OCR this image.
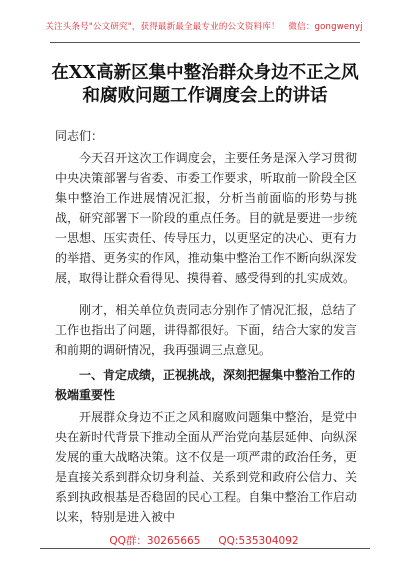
关注头条号"公文研究"，获得最新最全最专业的公文资料库！　微信：gongwenyj
在XX高新区集中整治群众身边不正之风
和腐败问题工作调度会上的讲话
同志们：

今天召开这次工作调度会，主要任务是深入学习贯彻中央决策部署与省委、市委工作要求，听取前一阶段全区集中整治工作进展情况汇报，分析当前面临的形势与挑战，研究部署下一阶段的重点任务。目的就是要进一步统一思想、压实责任、传导压力，以更坚定的决心、更有力的举措、更务实的作风，推动集中整治工作不断向纵深发展，取得让群众看得见、摸得着、感受得到的扎实成效。

刚才，相关单位负责同志分别作了情况汇报，总结了工作也指出了问题，讲得都很好。下面，结合大家的发言和前期的调研情况，我再强调三点意见。

一、肯定成绩，正视挑战，深刻把握集中整治工作的极端重要性

开展群众身边不正之风和腐败问题集中整治，是党中央在新时代背景下推动全面从严治党向基层延伸、向纵深发展的重大战略决策。这不仅是一项严肃的政治任务，更是直接关系到群众切身利益、关系到党和政府公信力、关系到执政根基是否稳固的民心工程。自集中整治工作启动以来，特别是进入被中

QQ群：30265665 QQ:535304092
